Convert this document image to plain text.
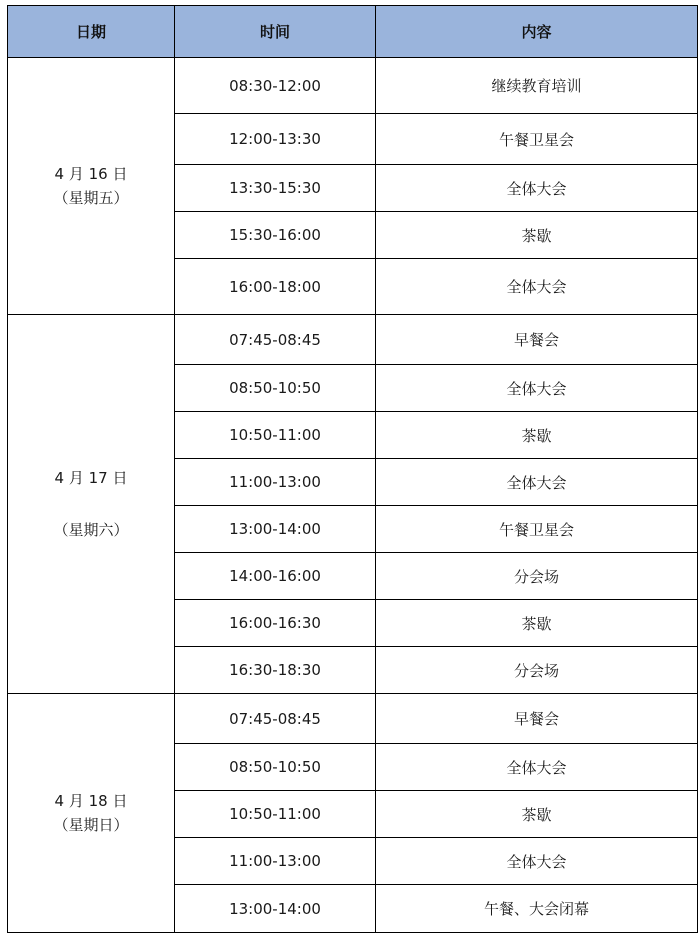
日期	时间	内容

4 月 16 日
（星期五）	08:30-12:00	继续教育培训
	12:00-13:30	午餐卫星会
	13:30-15:30	全体大会
	15:30-16:00	茶歇
	16:00-18:00	全体大会

4 月 17 日
（星期六）	07:45-08:45	早餐会
	08:50-10:50	全体大会
	10:50-11:00	茶歇
	11:00-13:00	全体大会
	13:00-14:00	午餐卫星会
	14:00-16:00	分会场
	16:00-16:30	茶歇
	16:30-18:30	分会场

4 月 18 日
（星期日）	07:45-08:45	早餐会
	08:50-10:50	全体大会
	10:50-11:00	茶歇
	11:00-13:00	全体大会
	13:00-14:00	午餐、大会闭幕
